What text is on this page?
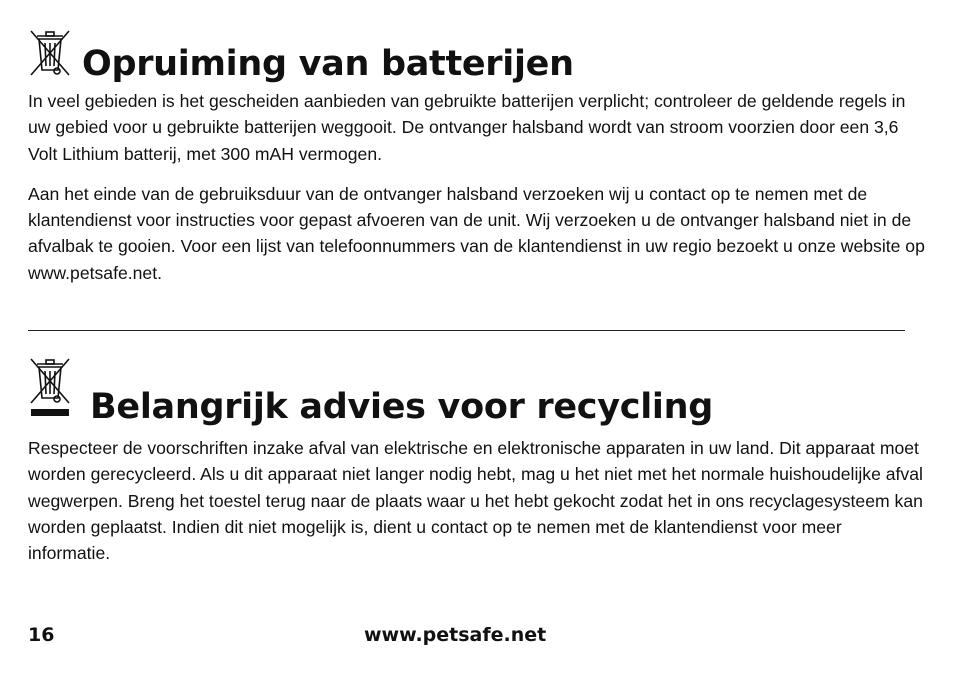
Opruiming van batterijen

In veel gebieden is het gescheiden aanbieden van gebruikte batterijen verplicht; controleer de geldende regels in uw gebied voor u gebruikte batterijen weggooit. De ontvanger halsband wordt van stroom voorzien door een 3,6 Volt Lithium batterij, met 300 mAH vermogen.

Aan het einde van de gebruiksduur van de ontvanger halsband verzoeken wij u contact op te nemen met de klantendienst voor instructies voor gepast afvoeren van de unit. Wij verzoeken u de ontvanger halsband niet in de afvalbak te gooien. Voor een lijst van telefoonnummers van de klantendienst in uw regio bezoekt u onze website op www.petsafe.net.

Belangrijk advies voor recycling

Respecteer de voorschriften inzake afval van elektrische en elektronische apparaten in uw land. Dit apparaat moet worden gerecycleerd. Als u dit apparaat niet langer nodig hebt, mag u het niet met het normale huishoudelijke afval wegwerpen. Breng het toestel terug naar de plaats waar u het hebt gekocht zodat het in ons recyclagesysteem kan worden geplaatst. Indien dit niet mogelijk is, dient u contact op te nemen met de klantendienst voor meer informatie.

16	www.petsafe.net
